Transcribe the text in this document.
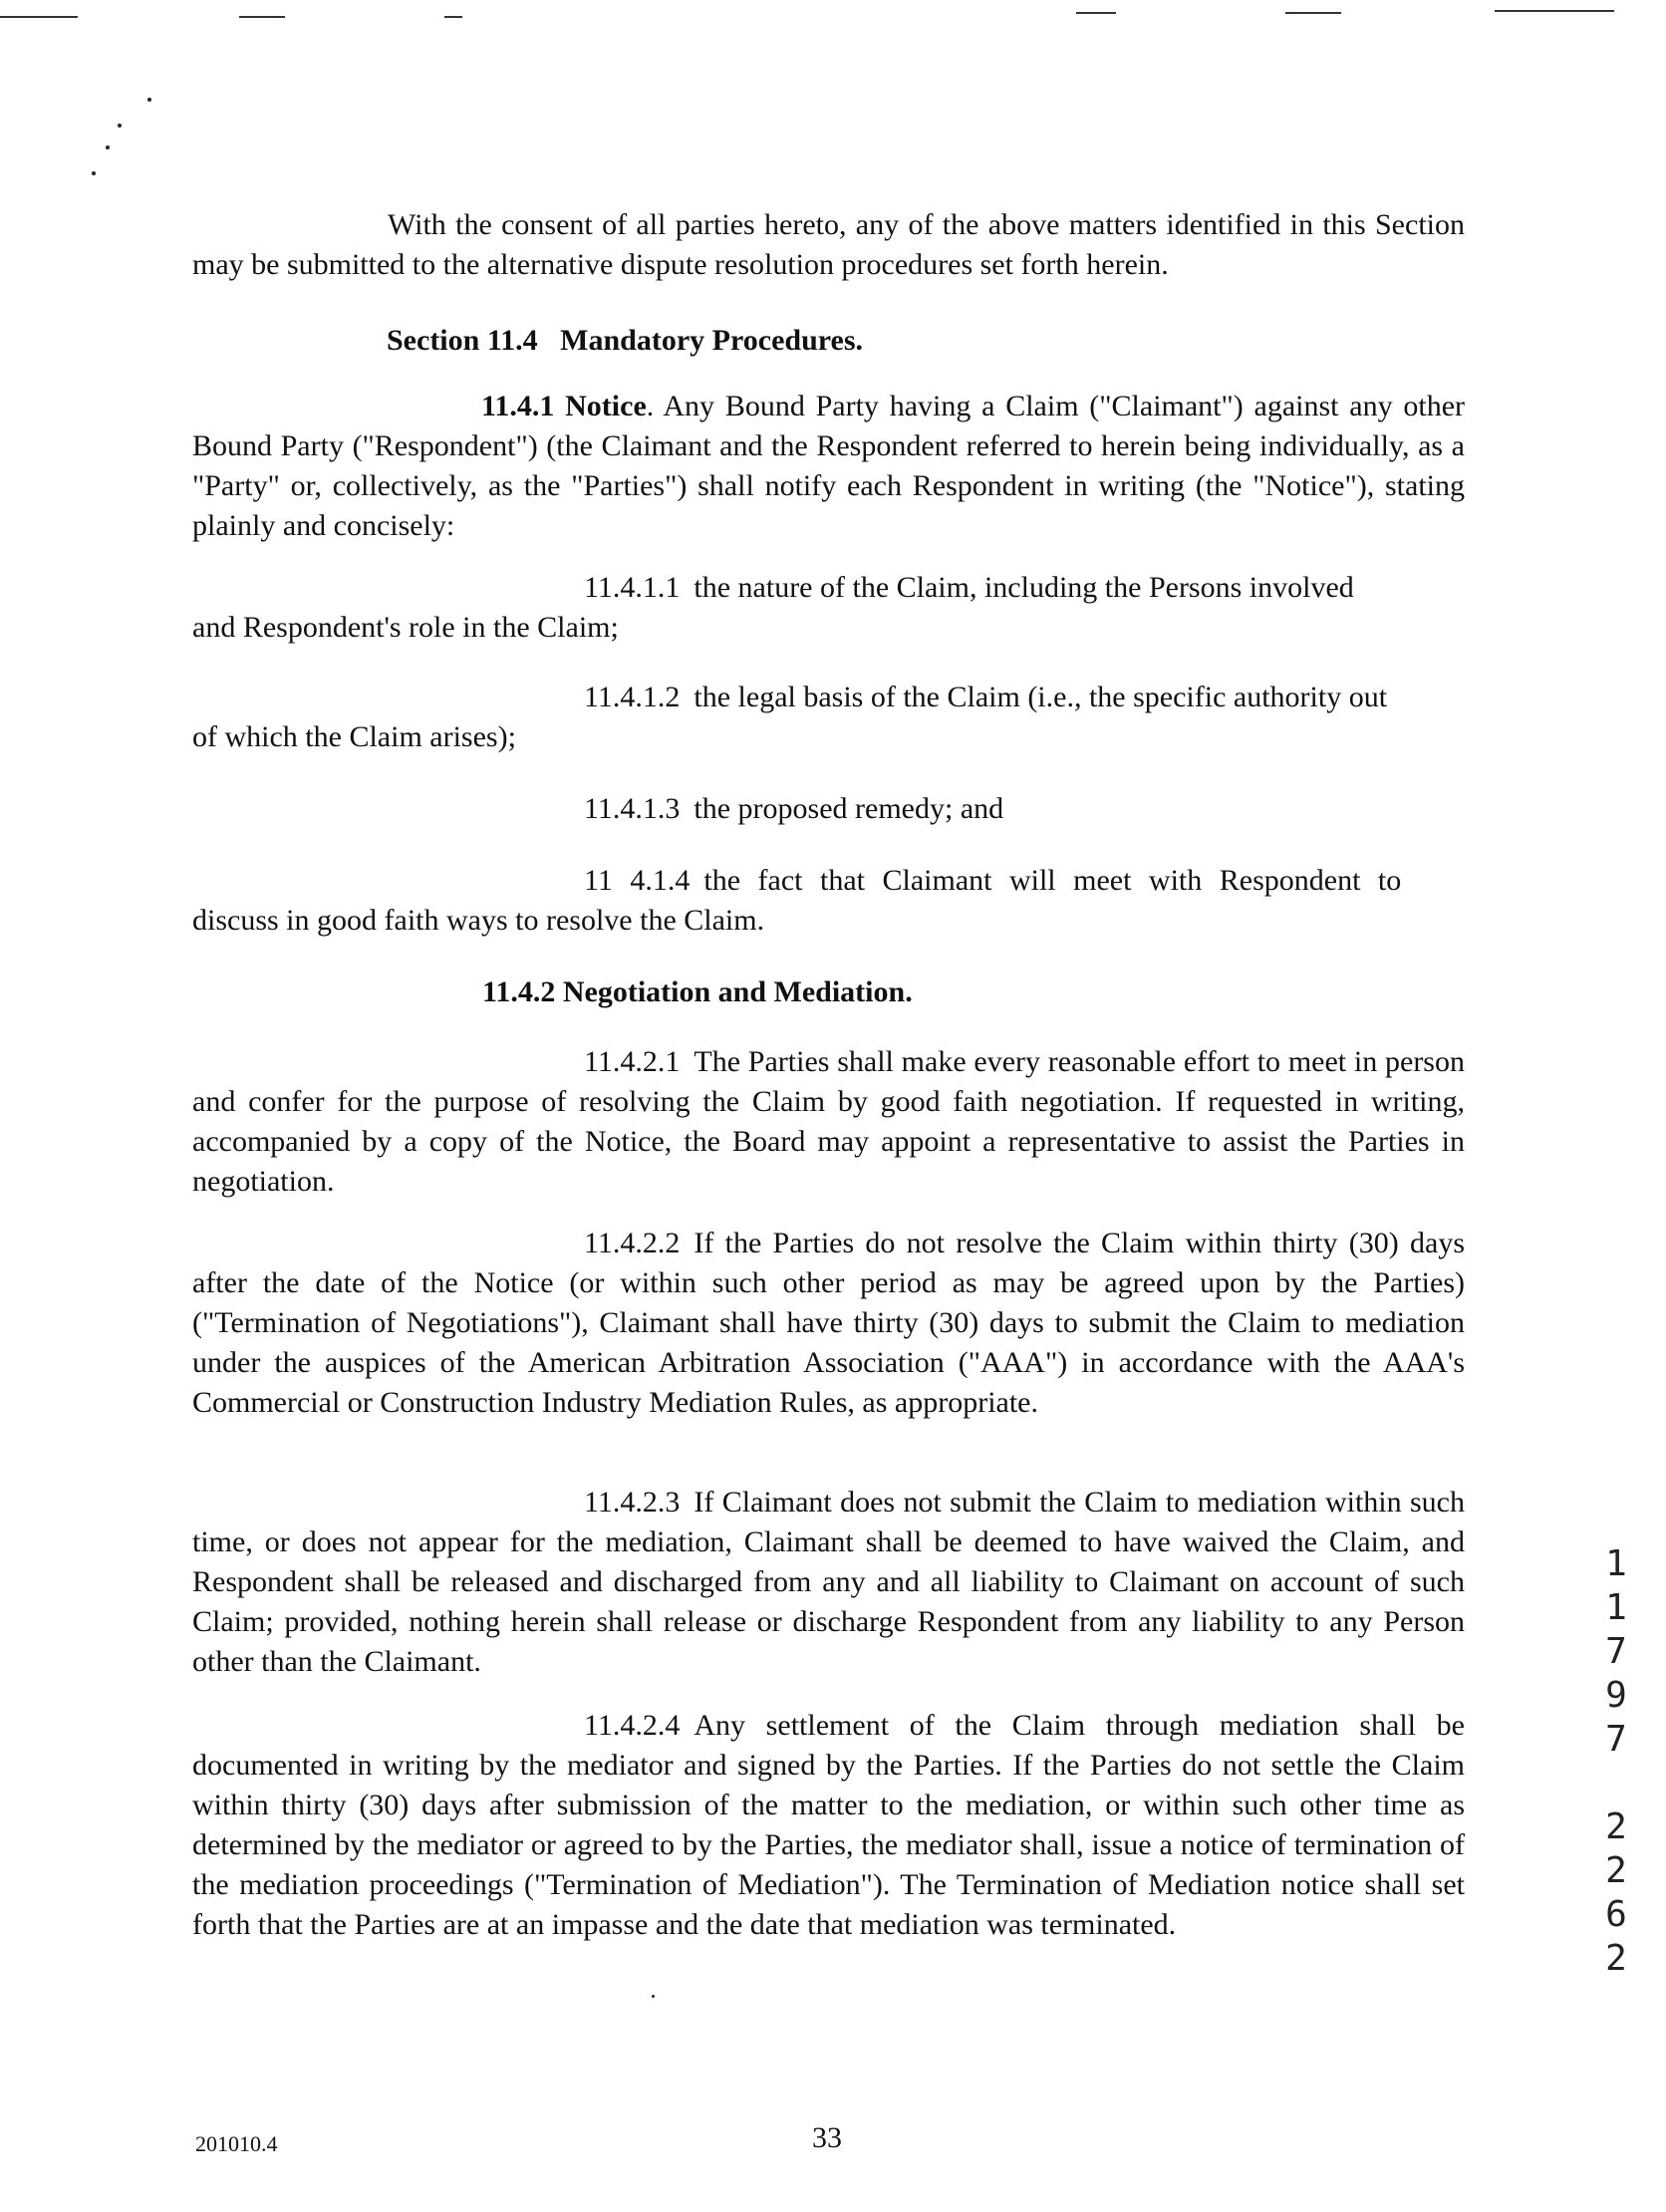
With the consent of all parties hereto, any of the above matters identified in this Section may be submitted to the alternative dispute resolution procedures set forth herein.
Section 11.4 Mandatory Procedures.
11.4.1 Notice. Any Bound Party having a Claim ("Claimant") against any other Bound Party ("Respondent") (the Claimant and the Respondent referred to herein being individually, as a "Party" or, collectively, as the "Parties") shall notify each Respondent in writing (the "Notice"), stating plainly and concisely:
11.4.1.1 the nature of the Claim, including the Persons involved
and Respondent's role in the Claim;
11.4.1.2 the legal basis of the Claim (i.e., the specific authority out
of which the Claim arises);
11.4.1.3 the proposed remedy; and
11 4.1.4 the fact that Claimant will meet with Respondent to
discuss in good faith ways to resolve the Claim.
11.4.2 Negotiation and Mediation.
11.4.2.1 The Parties shall make every reasonable effort to meet in person and confer for the purpose of resolving the Claim by good faith negotiation. If requested in writing, accompanied by a copy of the Notice, the Board may appoint a representative to assist the Parties in negotiation.
11.4.2.2 If the Parties do not resolve the Claim within thirty (30) days after the date of the Notice (or within such other period as may be agreed upon by the Parties) ("Termination of Negotiations"), Claimant shall have thirty (30) days to submit the Claim to mediation under the auspices of the American Arbitration Association ("AAA") in accordance with the AAA's Commercial or Construction Industry Mediation Rules, as appropriate.
11.4.2.3 If Claimant does not submit the Claim to mediation within such time, or does not appear for the mediation, Claimant shall be deemed to have waived the Claim, and Respondent shall be released and discharged from any and all liability to Claimant on account of such Claim; provided, nothing herein shall release or discharge Respondent from any liability to any Person other than the Claimant.
11.4.2.4 Any settlement of the Claim through mediation shall be documented in writing by the mediator and signed by the Parties. If the Parties do not settle the Claim within thirty (30) days after submission of the matter to the mediation, or within such other time as determined by the mediator or agreed to by the Parties, the mediator shall, issue a notice of termination of the mediation proceedings ("Termination of Mediation"). The Termination of Mediation notice shall set forth that the Parties are at an impasse and the date that mediation was terminated.
1
1
7
9
7
2
2
6
2
201010.4	33
